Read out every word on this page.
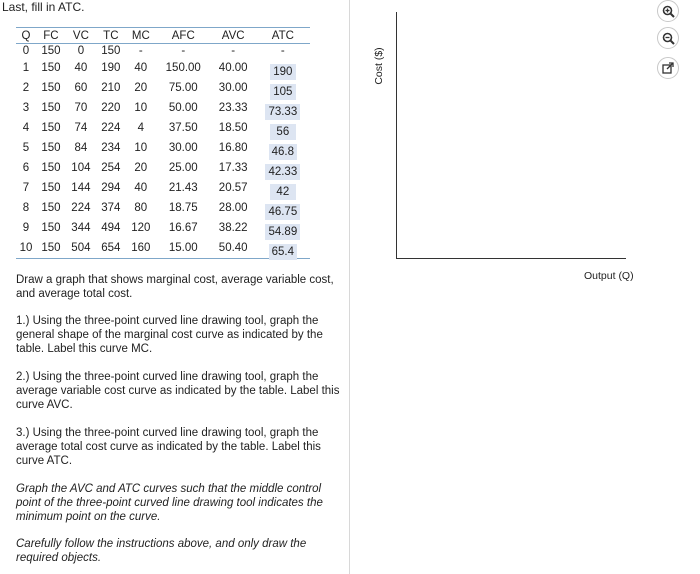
Last, fill in ATC.
Q	FC	VC	TC	MC	AFC	AVC	ATC
0	150	0	150	-	-	-	-
1	150	40	190	40	150.00	40.00	190
2	150	60	210	20	75.00	30.00	105
3	150	70	220	10	50.00	23.33	73.33
4	150	74	224	4	37.50	18.50	56
5	150	84	234	10	30.00	16.80	46.8
6	150	104	254	20	25.00	17.33	42.33
7	150	144	294	40	21.43	20.57	42
8	150	224	374	80	18.75	28.00	46.75
9	150	344	494	120	16.67	38.22	54.89
10	150	504	654	160	15.00	50.40	65.4
Draw a graph that shows marginal cost, average variable cost, and average total cost.
1.) Using the three-point curved line drawing tool, graph the general shape of the marginal cost curve as indicated by the table. Label this curve MC.
2.) Using the three-point curved line drawing tool, graph the average variable cost curve as indicated by the table. Label this curve AVC.
3.) Using the three-point curved line drawing tool, graph the average total cost curve as indicated by the table. Label this curve ATC.
Graph the AVC and ATC curves such that the middle control point of the three-point curved line drawing tool indicates the minimum point on the curve.
Carefully follow the instructions above, and only draw the required objects.
Cost ($)
Output (Q)
